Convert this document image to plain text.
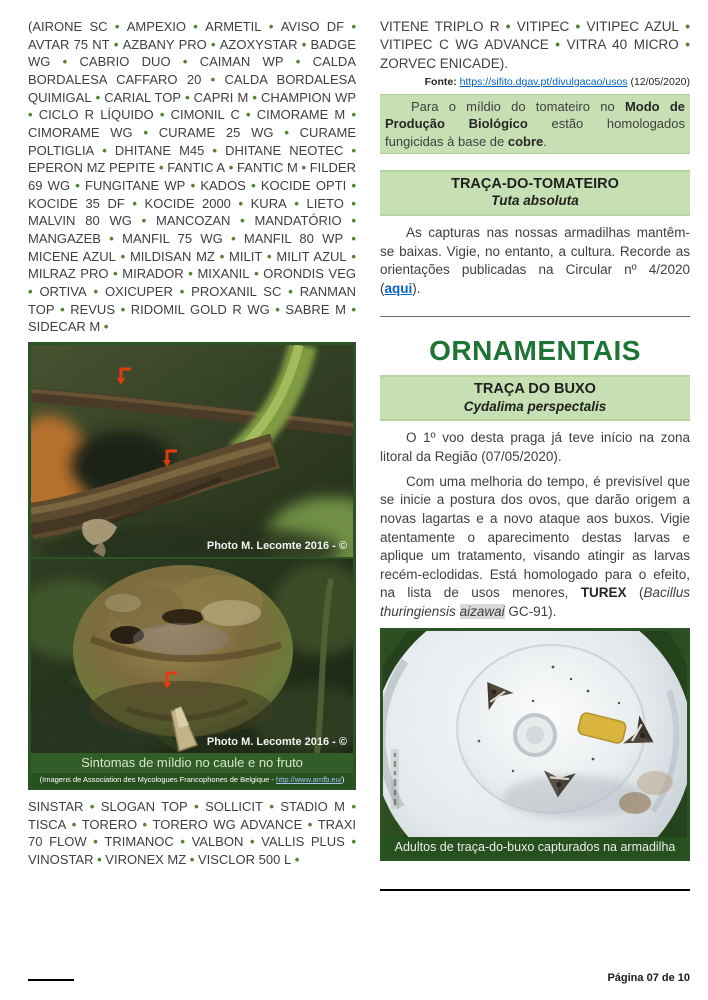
(AIRONE SC • AMPEXIO • ARMETIL • AVISO DF • AVTAR 75 NT • AZBANY PRO • AZOXYSTAR • BADGE WG • CABRIO DUO • CAIMAN WP • CALDA BORDALESA CAFFARO 20 • CALDA BORDALESA QUIMIGAL • CARIAL TOP • CAPRI M • CHAMPION WP • CICLO R LÍQUIDO • CIMONIL C • CIMORAME M • CIMORAME WG • CURAME 25 WG • CURAME POLTIGLIA • DHITANE M45 • DHITANE NEOTEC • EPERON MZ PEPITE • FANTIC A • FANTIC M • FILDER 69 WG • FUNGITANE WP • KADOS • KOCIDE OPTI • KOCIDE 35 DF • KOCIDE 2000 • KURA • LIETO • MALVIN 80 WG • MANCOZAN • MANDATÓRIO • MANGAZEB • MANFIL 75 WG • MANFIL 80 WP • MICENE AZUL • MILDISAN MZ • MILIT • MILIT AZUL • MILRAZ PRO • MIRADOR • MIXANIL • ORONDIS VEG • ORTIVA • OXICUPER • PROXANIL SC • RANMAN TOP • REVUS • RIDOMIL GOLD R WG • SABRE M • SIDECAR M •

Photo M. Lecomte 2016 - ©
Photo M. Lecomte 2016 - ©
Sintomas de míldio no caule e no fruto
(Imagens de Association des Mycologues Francophones de Belgique - http://www.amfb.eu/)

SINSTAR • SLOGAN TOP • SOLLICIT • STADIO M • TISCA • TORERO • TORERO WG ADVANCE • TRAXI 70 FLOW • TRIMANOC • VALBON • VALLIS PLUS • VINOSTAR • VIRONEX MZ • VISCLOR 500 L •

VITENE TRIPLO R • VITIPEC • VITIPEC AZUL • VITIPEC C WG ADVANCE • VITRA 40 MICRO • ZORVEC ENICADE).

Fonte: https://sifito.dgav.pt/divulgacao/usos (12/05/2020)
Para o míldio do tomateiro no Modo de Produção Biológico estão homologados fungicidas à base de cobre.
TRAÇA-DO-TOMATEIRO
Tuta absoluta

As capturas nas nossas armadilhas mantêm-se baixas. Vigie, no entanto, a cultura. Recorde as orientações publicadas na Circular nº 4/2020 (aqui).

ORNAMENTAIS
TRAÇA DO BUXO
Cydalima perspectalis

O 1º voo desta praga já teve início na zona litoral da Região (07/05/2020).

Com uma melhoria do tempo, é previsível que se inicie a postura dos ovos, que darão origem a novas lagartas e a novo ataque aos buxos. Vigie atentamente o aparecimento destas larvas e aplique um tratamento, visando atingir as larvas recém-eclodidas. Está homologado para o efeito, na lista de usos menores, TUREX (Bacillus thuringiensis aizawai GC-91).

Adultos de traça-do-buxo capturados na armadilha
Página 07 de 10
